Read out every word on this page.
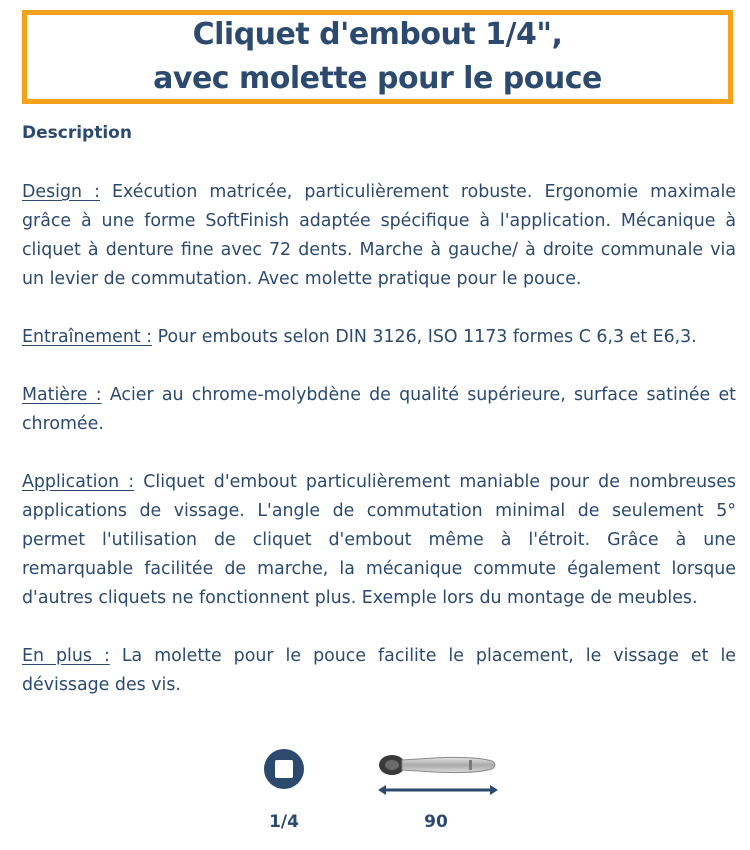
Cliquet d'embout 1/4",
avec molette pour le pouce
Description

Design : Exécution matricée, particulièrement robuste. Ergonomie maximale grâce à une forme SoftFinish adaptée spécifique à l'application. Mécanique à cliquet à denture fine avec 72 dents. Marche à gauche/ à droite communale via un levier de commutation. Avec molette pratique pour le pouce.

Entraînement : Pour embouts selon DIN 3126, ISO 1173 formes C 6,3 et E6,3.

Matière : Acier au chrome-molybdène de qualité supérieure, surface satinée et chromée.

Application : Cliquet d'embout particulièrement maniable pour de nombreuses applications de vissage. L'angle de commutation minimal de seulement 5° permet l'utilisation de cliquet d'embout même à l'étroit. Grâce à une remarquable facilitée de marche, la mécanique commute également lorsque d'autres cliquets ne fonctionnent plus. Exemple lors du montage de meubles.

En plus : La molette pour le pouce facilite le placement, le vissage et le dévissage des vis.

1/4	90
